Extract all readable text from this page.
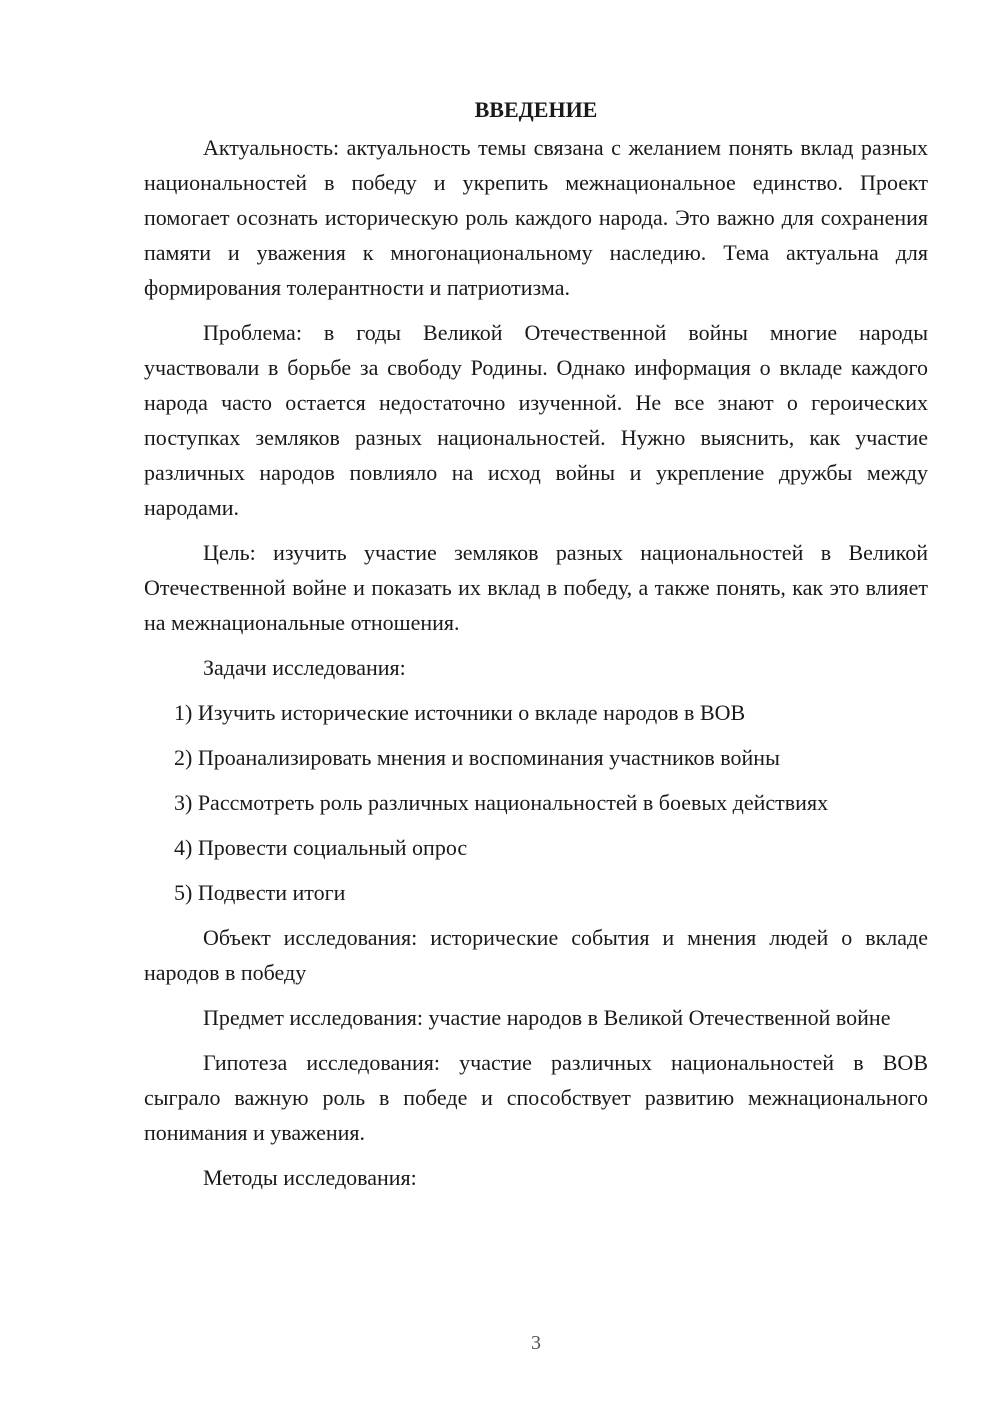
ВВЕДЕНИЕ

Актуальность: актуальность темы связана с желанием понять вклад разных национальностей в победу и укрепить межнациональное единство. Проект помогает осознать историческую роль каждого народа. Это важно для сохранения памяти и уважения к многонациональному наследию. Тема актуальна для формирования толерантности и патриотизма.

Проблема: в годы Великой Отечественной войны многие народы участвовали в борьбе за свободу Родины. Однако информация о вкладе каждого народа часто остается недостаточно изученной. Не все знают о героических поступках земляков разных национальностей. Нужно выяснить, как участие различных народов повлияло на исход войны и укрепление дружбы между народами.

Цель: изучить участие земляков разных национальностей в Великой Отечественной войне и показать их вклад в победу, а также понять, как это влияет на межнациональные отношения.

Задачи исследования:

1) Изучить исторические источники о вкладе народов в ВОВ
2) Проанализировать мнения и воспоминания участников войны
3) Рассмотреть роль различных национальностей в боевых действиях
4) Провести социальный опрос
5) Подвести итоги

Объект исследования: исторические события и мнения людей о вкладе народов в победу

Предмет исследования: участие народов в Великой Отечественной войне

Гипотеза исследования: участие различных национальностей в ВОВ сыграло важную роль в победе и способствует развитию межнационального понимания и уважения.

Методы исследования:

3
